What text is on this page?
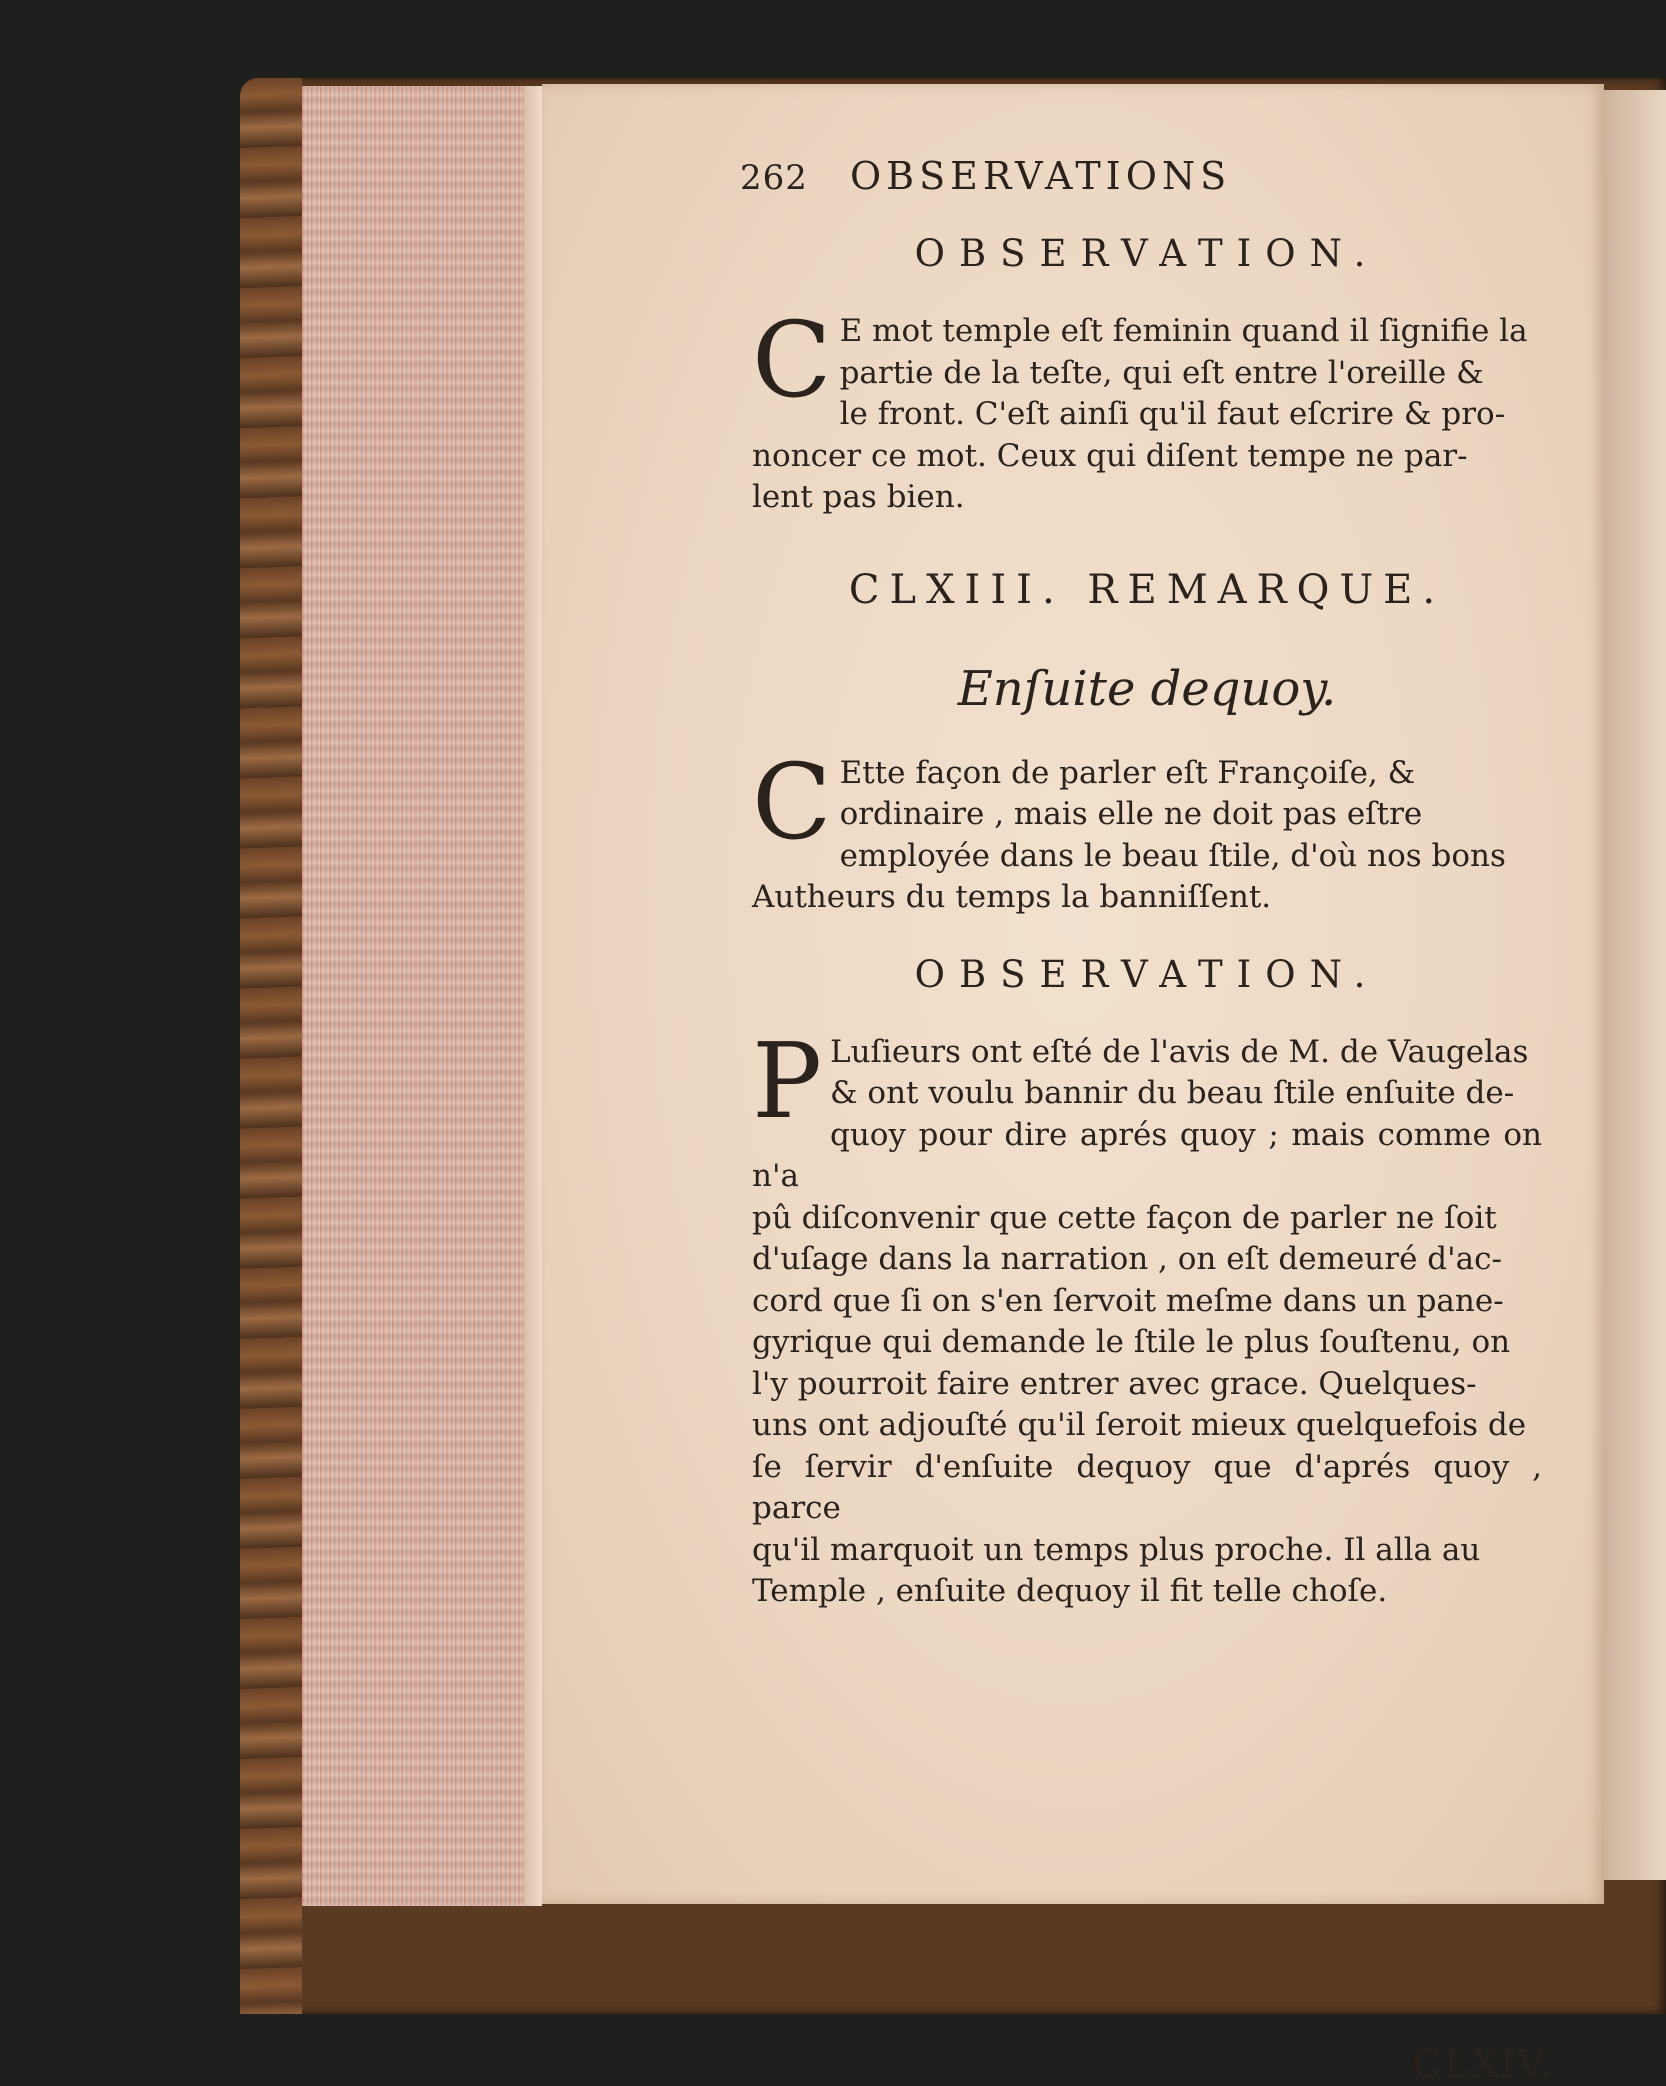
262	OBSERVATIONS
OBSERVATION.
C E mot temple eſt feminin quand il ſignifie la
partie de la teſte, qui eſt entre l'oreille &
le front. C'eſt ainſi qu'il faut eſcrire & pro-
noncer ce mot. Ceux qui diſent tempe ne par-
lent pas bien.
CLXIII. REMARQUE.
Enſuite dequoy.
C Ette façon de parler eſt Françoiſe, &
ordinaire , mais elle ne doit pas eſtre
employée dans le beau ſtile, d'où nos bons
Autheurs du temps la banniſſent.
OBSERVATION.
P Luſieurs ont eſté de l'avis de M. de Vaugelas
& ont voulu bannir du beau ſtile enſuite de-
quoy pour dire aprés quoy ; mais comme on n'a
pû diſconvenir que cette façon de parler ne ſoit
d'uſage dans la narration , on eſt demeuré d'ac-
cord que ſi on s'en ſervoit meſme dans un pane-
gyrique qui demande le ſtile le plus ſouſtenu, on
l'y pourroit faire entrer avec grace. Quelques-
uns ont adjouſté qu'il ſeroit mieux quelquefois de
ſe ſervir d'enſuite dequoy que d'aprés quoy , parce
qu'il marquoit un temps plus proche. Il alla au
Temple , enſuite dequoy il fit telle choſe.
CLXIV.
